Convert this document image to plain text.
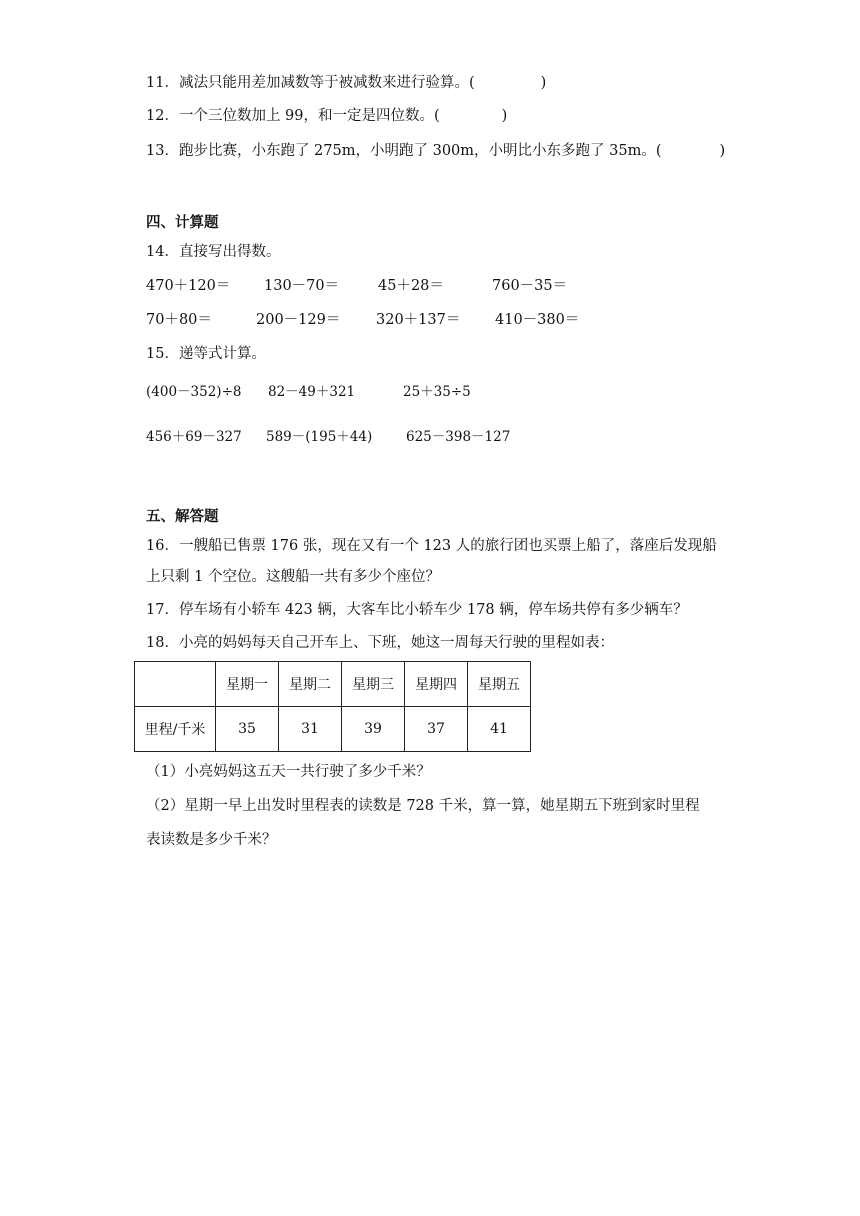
11．减法只能用差加减数等于被减数来进行验算。(	)
12．一个三位数加上 99，和一定是四位数。(	)
13．跑步比赛，小东跑了 275m，小明跑了 300m，小明比小东多跑了 35m。(	)
四、计算题
14．直接写出得数。
470＋120＝ 130－70＝	45＋28＝	760－35＝
70＋80＝	200－129＝ 320＋137＝ 410－380＝
15．递等式计算。
(400－352)÷8 82－49＋321	25＋35÷5
456＋69－327 589－(195＋44)	625－398－127
五、解答题
16．一艘船已售票 176 张，现在又有一个 123 人的旅行团也买票上船了，落座后发现船
上只剩 1 个空位。这艘船一共有多少个座位？
17．停车场有小轿车 423 辆，大客车比小轿车少 178 辆，停车场共停有多少辆车？
18．小亮的妈妈每天自己开车上、下班，她这一周每天行驶的里程如表：
	星期一	星期二	星期三	星期四	星期五
里程/千米	35	31	39	37	41
（1）小亮妈妈这五天一共行驶了多少千米？
（2）星期一早上出发时里程表的读数是 728 千米，算一算，她星期五下班到家时里程
表读数是多少千米？
